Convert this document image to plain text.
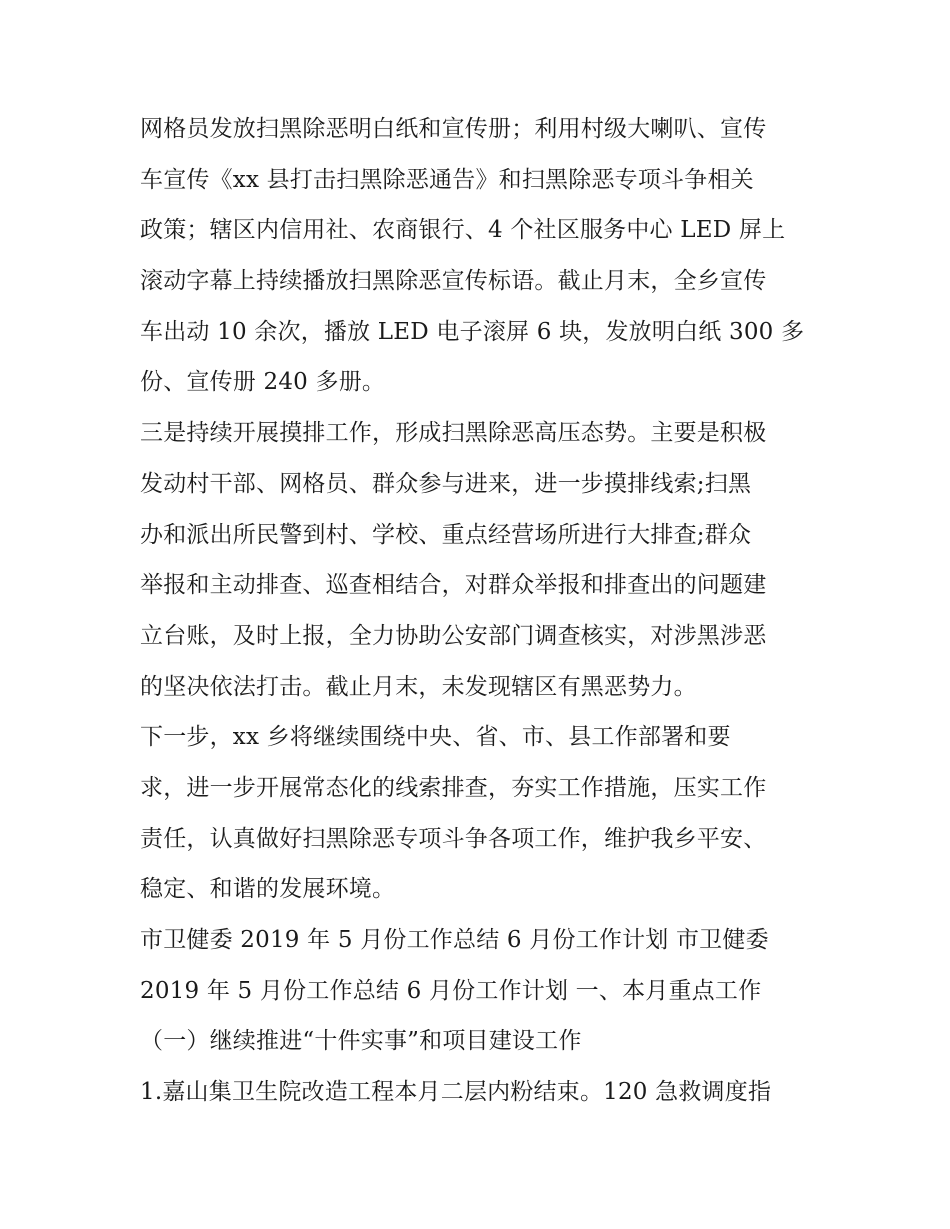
网格员发放扫黑除恶明白纸和宣传册；利用村级大喇叭、宣传
车宣传《xx 县打击扫黑除恶通告》和扫黑除恶专项斗争相关
政策；辖区内信用社、农商银行、4 个社区服务中心 LED 屏上
滚动字幕上持续播放扫黑除恶宣传标语。截止月末，全乡宣传
车出动 10 余次，播放 LED 电子滚屏 6 块，发放明白纸 300 多
份、宣传册 240 多册。
三是持续开展摸排工作，形成扫黑除恶高压态势。主要是积极
发动村干部、网格员、群众参与进来，进一步摸排线索;扫黑
办和派出所民警到村、学校、重点经营场所进行大排查;群众
举报和主动排查、巡查相结合，对群众举报和排查出的问题建
立台账，及时上报，全力协助公安部门调查核实，对涉黑涉恶
的坚决依法打击。截止月末，未发现辖区有黑恶势力。
下一步，xx 乡将继续围绕中央、省、市、县工作部署和要
求，进一步开展常态化的线索排查，夯实工作措施，压实工作
责任，认真做好扫黑除恶专项斗争各项工作，维护我乡平安、
稳定、和谐的发展环境。
市卫健委 2019 年 5 月份工作总结 6 月份工作计划 市卫健委
2019 年 5 月份工作总结 6 月份工作计划 一、本月重点工作
（一）继续推进“十件实事”和项目建设工作
1.嘉山集卫生院改造工程本月二层内粉结束。120 急救调度指
